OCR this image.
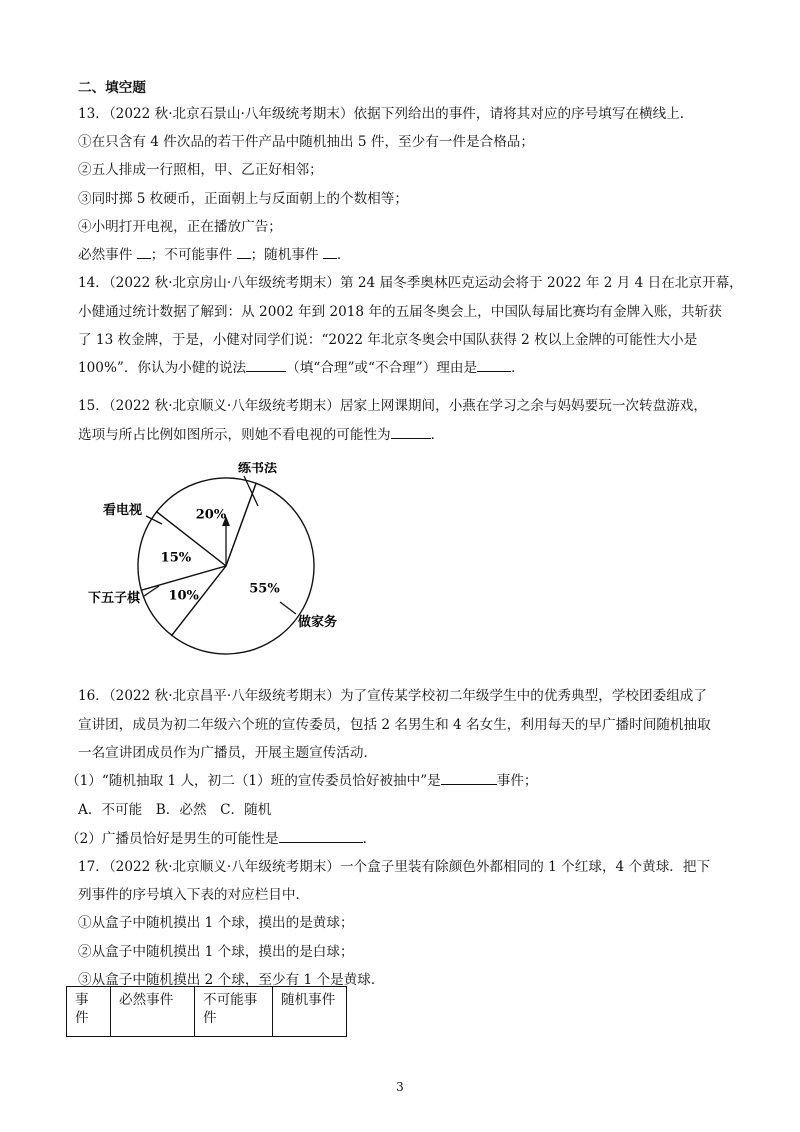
二、填空题
13．（2022 秋·北京石景山·八年级统考期末）依据下列给出的事件，请将其对应的序号填写在横线上．
①在只含有 4 件次品的若干件产品中随机抽出 5 件，至少有一件是合格品；
②五人排成一行照相，甲、乙正好相邻；
③同时掷 5 枚硬币，正面朝上与反面朝上的个数相等；
④小明打开电视，正在播放广告；
必然事件 ；不可能事件 ；随机事件 ．
14．（2022 秋·北京房山·八年级统考期末）第 24 届冬季奥林匹克运动会将于 2022 年 2 月 4 日在北京开幕，
小健通过统计数据了解到：从 2002 年到 2018 年的五届冬奥会上，中国队每届比赛均有金牌入账，共斩获
了 13 枚金牌，于是，小健对同学们说：“2022 年北京冬奥会中国队获得 2 枚以上金牌的可能性大小是
100%”．你认为小健的说法	（填“合理”或“不合理”）理由是	．
15．（2022 秋·北京顺义·八年级统考期末）居家上网课期间，小燕在学习之余与妈妈要玩一次转盘游戏，
选项与所占比例如图所示，则她不看电视的可能性为	．
20%
练书法
15%
看电视
10%
下五子棋
55%
做家务
16．（2022 秋·北京昌平·八年级统考期末）为了宣传某学校初二年级学生中的优秀典型，学校团委组成了
宣讲团，成员为初二年级六个班的宣传委员，包括 2 名男生和 4 名女生，利用每天的早广播时间随机抽取
一名宣讲团成员作为广播员，开展主题宣传活动．
（1）“随机抽取 1 人，初二（1）班的宣传委员恰好被抽中”是	事件；
A．不可能　B．必然　C．随机
（2）广播员恰好是男生的可能性是	．
17．（2022 秋·北京顺义·八年级统考期末）一个盒子里装有除颜色外都相同的 1 个红球，4 个黄球．把下
列事件的序号填入下表的对应栏目中．
①从盒子中随机摸出 1 个球，摸出的是黄球；
②从盒子中随机摸出 1 个球，摸出的是白球；
③从盒子中随机摸出 2 个球，至少有 1 个是黄球．
事件	必然事件	不可能事件	随机事件
3
